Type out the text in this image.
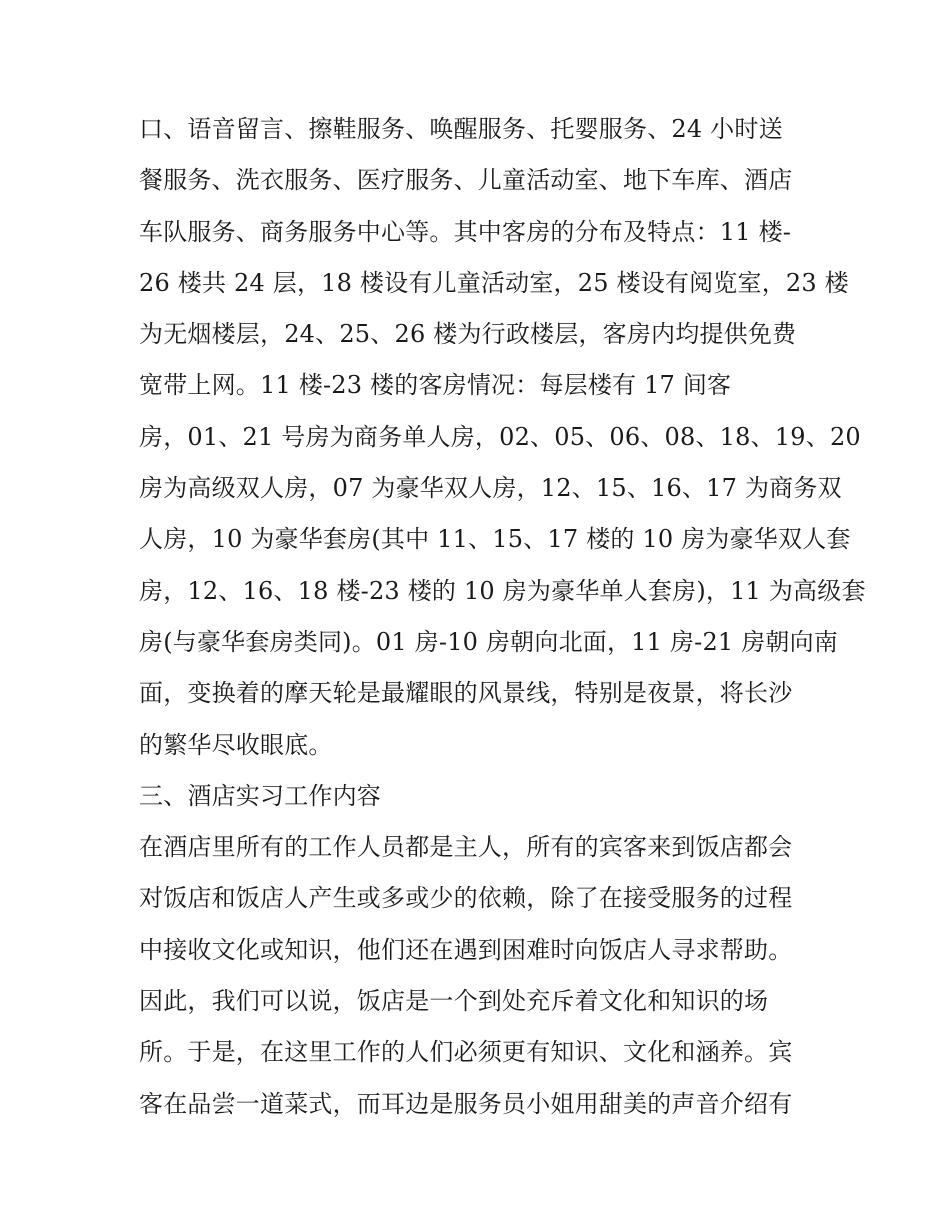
口、语音留言、擦鞋服务、唤醒服务、托婴服务、24 小时送
餐服务、洗衣服务、医疗服务、儿童活动室、地下车库、酒店
车队服务、商务服务中心等。其中客房的分布及特点：11 楼-
26 楼共 24 层，18 楼设有儿童活动室，25 楼设有阅览室，23 楼
为无烟楼层，24、25、26 楼为行政楼层，客房内均提供免费
宽带上网。11 楼-23 楼的客房情况：每层楼有 17 间客
房，01、21 号房为商务单人房，02、05、06、08、18、19、20
房为高级双人房，07 为豪华双人房，12、15、16、17 为商务双
人房，10 为豪华套房(其中 11、15、17 楼的 10 房为豪华双人套
房，12、16、18 楼-23 楼的 10 房为豪华单人套房)，11 为高级套
房(与豪华套房类同)。01 房-10 房朝向北面，11 房-21 房朝向南
面，变换着的摩天轮是最耀眼的风景线，特别是夜景，将长沙
的繁华尽收眼底。
三、酒店实习工作内容
在酒店里所有的工作人员都是主人，所有的宾客来到饭店都会
对饭店和饭店人产生或多或少的依赖，除了在接受服务的过程
中接收文化或知识，他们还在遇到困难时向饭店人寻求帮助。
因此，我们可以说，饭店是一个到处充斥着文化和知识的场
所。于是，在这里工作的人们必须更有知识、文化和涵养。宾
客在品尝一道菜式，而耳边是服务员小姐用甜美的声音介绍有
